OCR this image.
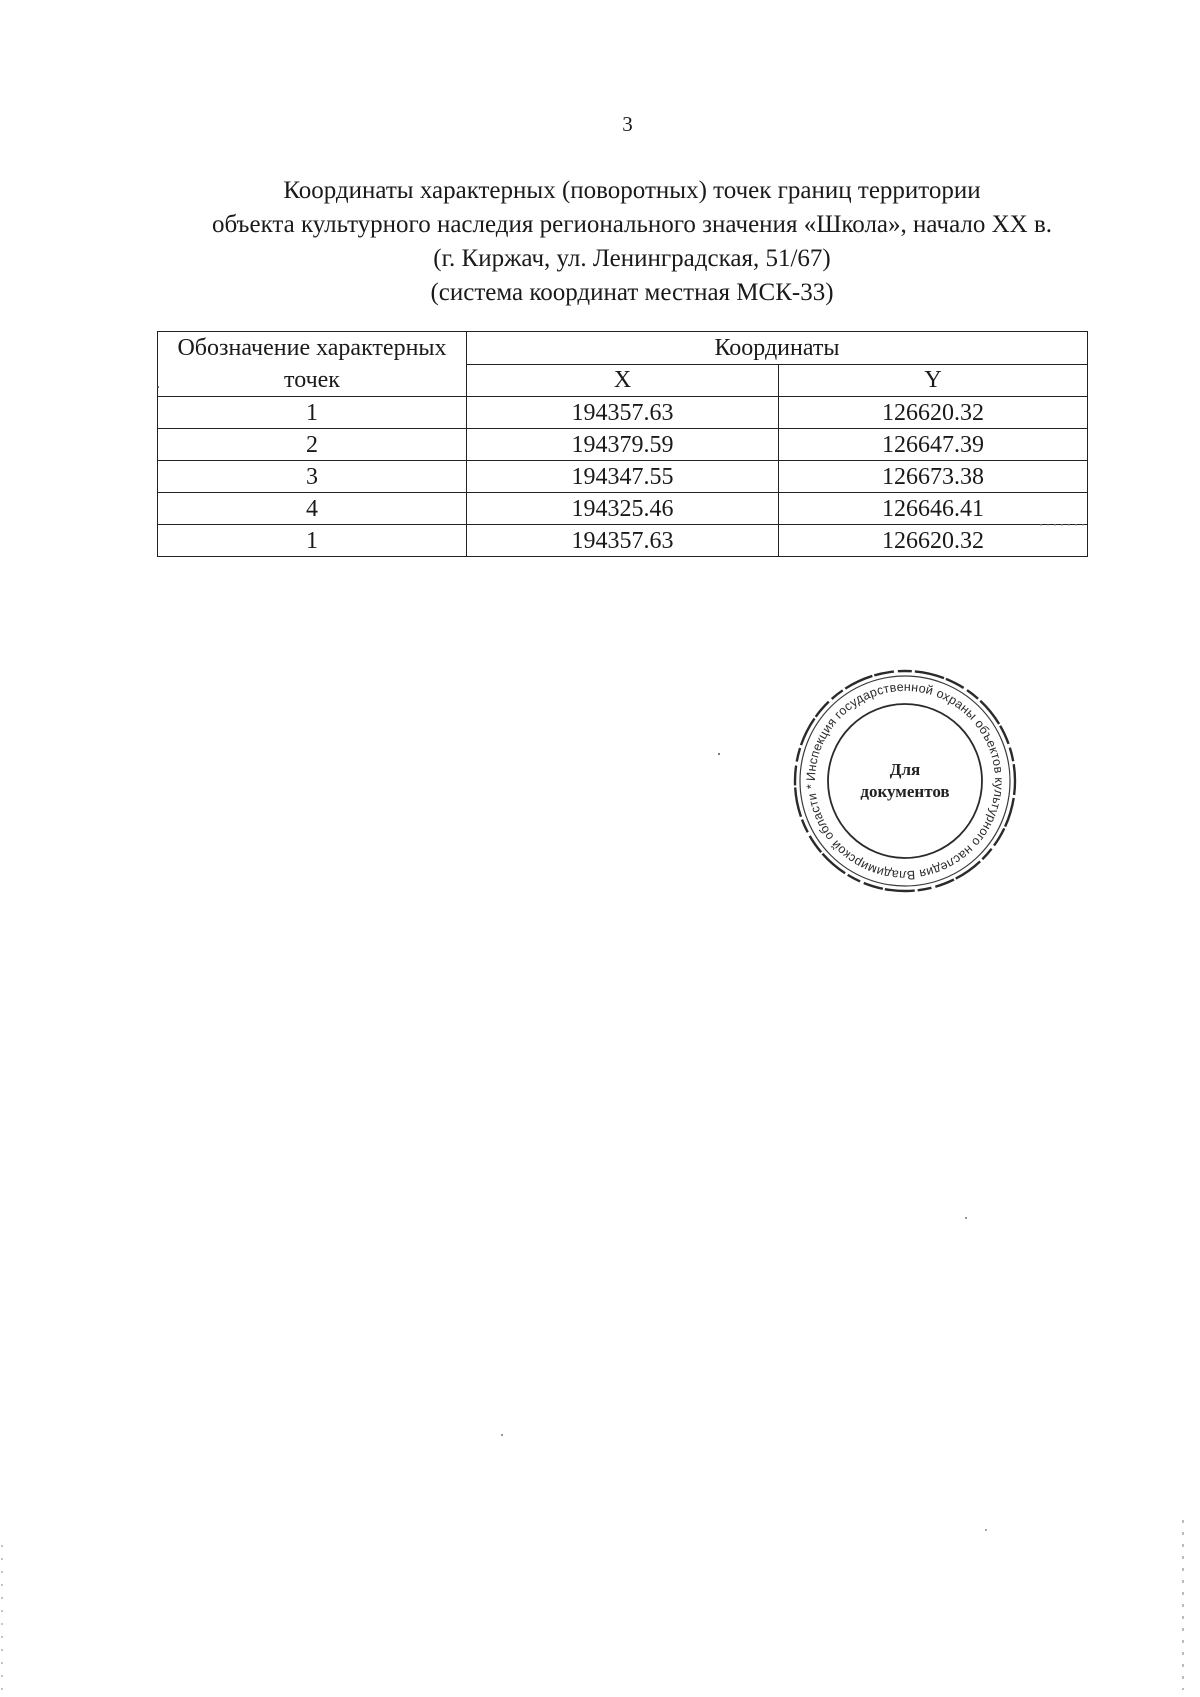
3
Координаты характерных (поворотных) точек границ территории
объекта культурного наследия регионального значения «Школа», начало XX в.
(г. Киржач, ул. Ленинградская, 51/67)
(система координат местная МСК-33)
Обозначение характерных точек	Координаты	
	X	Y
1	194357.63	126620.32
2	194379.59	126647.39
3	194347.55	126673.38
4	194325.46	126646.41
1	194357.63	126620.32
Инспекция государственной охраны объектов культурного наследия Владимирской области *
Для
документов
